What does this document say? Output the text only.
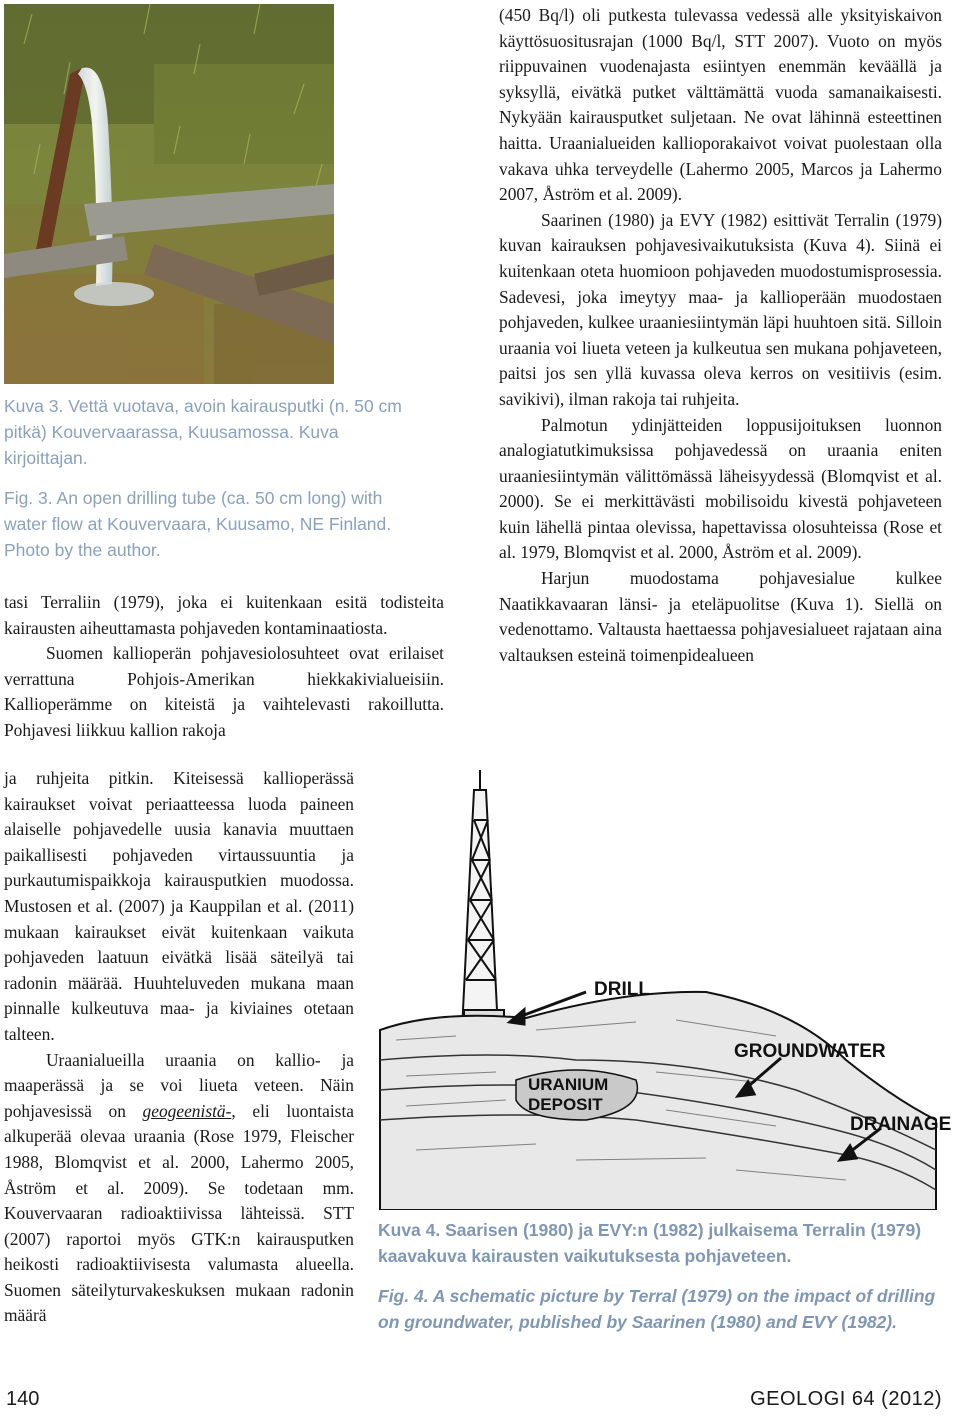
Kuva 3. Vettä vuotava, avoin kairausputki (n. 50 cm pitkä) Kouvervaarassa, Kuusamossa. Kuva kirjoittajan.
Fig. 3. An open drilling tube (ca. 50 cm long) with water flow at Kouvervaara, Kuusamo, NE Finland. Photo by the author.

(450 Bq/l) oli putkesta tulevassa vedessä alle yksityiskaivon käyttösuositusrajan (1000 Bq/l, STT 2007). Vuoto on myös riippuvainen vuodenajasta esiintyen enemmän keväällä ja syksyllä, eivätkä putket välttämättä vuoda samanaikaisesti. Nykyään kairausputket suljetaan. Ne ovat lähinnä esteettinen haitta. Uraanialueiden kallioporakaivot voivat puolestaan olla vakava uhka terveydelle (Lahermo 2005, Marcos ja Lahermo 2007, Åström et al. 2009).

Saarinen (1980) ja EVY (1982) esittivät Terralin (1979) kuvan kairauksen pohjavesivaikutuksista (Kuva 4). Siinä ei kuitenkaan oteta huomioon pohjaveden muodostumisprosessia. Sadevesi, joka imeytyy maa- ja kallioperään muodostaen pohjaveden, kulkee uraaniesiintymän läpi huuhtoen sitä. Silloin uraania voi liueta veteen ja kulkeutua sen mukana pohjaveteen, paitsi jos sen yllä kuvassa oleva kerros on vesitiivis (esim. savikivi), ilman rakoja tai ruhjeita.

Palmotun ydinjätteiden loppusijoituksen luonnon analogiatutkimuksissa pohjavedessä on uraania eniten uraaniesiintymän välittömässä läheisyydessä (Blomqvist et al. 2000). Se ei merkittävästi mobilisoidu kivestä pohjaveteen kuin lähellä pintaa olevissa, hapettavissa olosuhteissa (Rose et al. 1979, Blomqvist et al. 2000, Åström et al. 2009).

Harjun muodostama pohjavesialue kulkee Naatikkavaaran länsi- ja eteläpuolitse (Kuva 1). Siellä on vedenottamo. Valtausta haettaessa pohjavesialueet rajataan aina valtauksen esteinä toimenpidealueen

tasi Terraliin (1979), joka ei kuitenkaan esitä todisteita kairausten aiheuttamasta pohjaveden kontaminaatiosta.

Suomen kallioperän pohjavesiolosuhteet ovat erilaiset verrattuna Pohjois-Amerikan hiekkakivialueisiin. Kallioperämme on kiteistä ja vaihtelevasti rakoillutta. Pohjavesi liikkuu kallion rakoja

ja ruhjeita pitkin. Kiteisessä kallioperässä kairaukset voivat periaatteessa luoda paineen alaiselle pohjavedelle uusia kanavia muuttaen paikallisesti pohjaveden virtaussuuntia ja purkautumispaikkoja kairausputkien muodossa. Mustosen et al. (2007) ja Kauppilan et al. (2011) mukaan kairaukset eivät kuitenkaan vaikuta pohjaveden laatuun eivätkä lisää säteilyä tai radonin määrää. Huuhteluveden mukana maan pinnalle kulkeutuva maa- ja kiviaines otetaan talteen.

Uraanialueilla uraania on kallio- ja maaperässä ja se voi liueta veteen. Näin pohjavesissä on geogeenistä-, eli luontaista alkuperää olevaa uraania (Rose 1979, Fleischer 1988, Blomqvist et al. 2000, Lahermo 2005, Åström et al. 2009). Se todetaan mm. Kouvervaaran radioaktiivissa lähteissä. STT (2007) raportoi myös GTK:n kairausputken heikosti radioaktiivisesta valumasta alueella. Suomen säteilyturvakeskuksen mukaan radonin määrä

DRILL
GROUNDWATER
URANIUM
DEPOSIT
DRAINAGE
Kuva 4. Saarisen (1980) ja EVY:n (1982) julkaisema Terralin (1979) kaavakuva kairausten vaikutuksesta pohjaveteen.
Fig. 4. A schematic picture by Terral (1979) on the impact of drilling on groundwater, published by Saarinen (1980) and EVY (1982).
140	GEOLOGI 64 (2012)
